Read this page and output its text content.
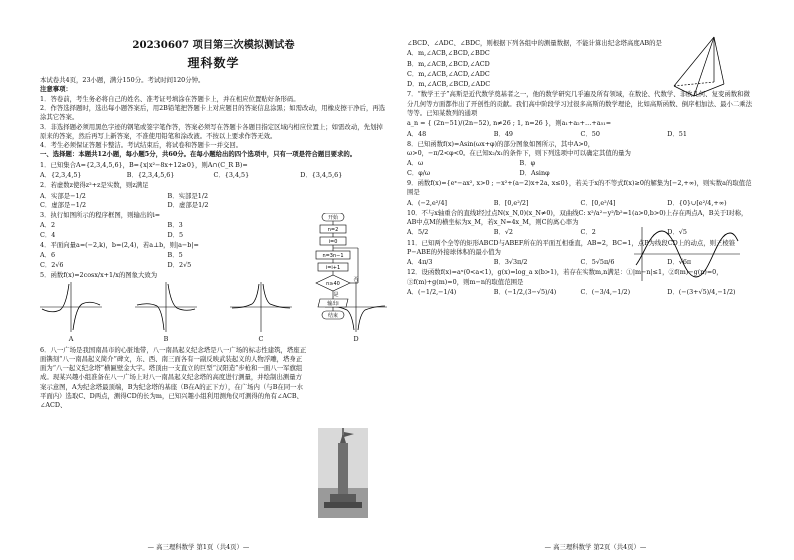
20230607 项目第三次模拟测试卷
理科数学

本试卷共4页，23小题，满分150分。考试时间120分钟。

注意事项：

1．答卷前，考生务必将自己的姓名、准考证号填涂在答题卡上，并在相应位置贴好条形码。

2．作答选择题时，选出每小题答案后，用2B铅笔把答题卡上对应题目的答案信息涂黑；如需改动，用橡皮擦干净后，再选涂其它答案。

3．非选择题必须用黑色字迹的钢笔或签字笔作答，答案必须写在答题卡各题目指定区域内相应位置上；如需改动，先划掉原来的答案，然后再写上新答案，不准使用铅笔和涂改液。不按以上要求作答无效。

4．考生必须保证答题卡整洁。考试结束后，将试卷和答题卡一并交回。

一、选择题：本题共12小题，每小题5分，共60分。在每小题给出的四个选项中，只有一项是符合题目要求的。

1．已知集合A={2,3,4,5,6}，B={x|x²−8x+12≥0}，则A∩(C_R B)=

A．{2,3,4,5}	B．{2,3,4,5,6}	C．{3,4,5}	D．{3,4,5,6}

2．若虚数z使得z²+z是实数，则z满足

A．实部是−1/2	B．实部是1/2
C．虚部是−1/2	D．虚部是1/2

3．执行如图所示的程序框图，则输出的i=

A．2	B．3
C．4	D．5

4．平面向量a=(−2,k)，b=(2,4)，若a⊥b，则|a−b|=

A．6	B．5
C．2√6	D．2√5

5．函数f(x)=2cosx/x+1/x的图象大致为

A	B	C	D

6．八一广场是我国南昌市的心脏地带，八一南昌起义纪念塔是八一广场的标志性建筑，塔座正面镌刻“八一南昌起义简介”碑文，东、西、南三面各有一副反映武装起义的人物浮雕，塔身正面为“八一起义纪念塔”横匾壁金大字。塔顶由一支直立的巨型“汉阳造”步枪和一面八一军旗组成。现某兴趣小组准备在八一广场上对八一南昌起义纪念塔的高度进行测量，并绘制出测量方案示意图，A为纪念塔最顶端，B为纪念塔的基座（B在A的正下方），在广场内（与B在同一水平面内）选取C、D两点，测得CD的长为m，已知兴趣小组利用测角仪可测得的角有∠ACB、∠ACD、

— 高三理科数学 第1页（共4页）—
开始
n=2
i=0
n=3n−1
i=i+1
n≥40
是
否
输出i
结束

∠BCD、∠ADC、∠BDC，则根据下列各组中的测量数据，不能计算出纪念塔高度AB的是

A．m,∠ACB,∠BCD,∠BDC

B．m,∠ACB,∠BCD,∠ACD

C．m,∠ACB,∠ACD,∠ADC

D．m,∠ACB,∠BCD,∠ADC

7．“数学王子”高斯是近代数学奠基者之一，他的数学研究几乎遍及所有领域，在数论、代数学、非欧几何、复变函数和微分几何等方面都作出了开创性的贡献。我们高中阶段学习过很多高斯的数学理论，比如高斯函数、倒序相加法、最小二乘法等等。已知某数列的通项

a_n = { (2n−51)/(2n−52), n≠26 ; 1, n=26 }，则a₁+a₂+…+a₅₁=

A．48	B．49	C．50	D．51

8．已知函数f(x)=Asin(ωx+φ)的部分图象如图所示，其中A>0，ω>0，−π/2<φ<0。在已知x₂/x₁的条件下，则下列选项中可以确定其值的量为

A．ω	B．φ
C．φ/ω	D．Asinφ

9．函数f(x)={eˣ−ax², x>0 ; −x²+(a−2)x+2a, x≤0}，若关于x的不等式f(x)≥0的解集为[−2,+∞)，则实数a的取值范围是

A．(−2,e²/4]	B．[0,e²/2]	C．[0,e²/4]	D．{0}∪[e²/4,+∞)

10．不与x轴重合的直线l经过点N(x_N,0)(x_N≠0)，双曲线C: x²/a²−y²/b²=1(a>0,b>0)上存在两点A，B关于l对称，AB中点M的横坐标为x_M，若x_N=4x_M，则C的离心率为

A．5/2	B．√2	C．2	D．√5

11．已知两个全等的矩形ABCD与ABEF所在的平面互相垂直，AB=2，BC=1，点P为线段CD上的动点，则三棱锥P−ABE的外接球体积的最小值为

A．4π/3	B．3√3π/2	C．5√5π/6	D．√6π

12．设函数f(x)=aˣ(0<a<1)，g(x)=log_a x(b>1)，若存在实数m,n满足：①|m−n|≤1，②f(m)−g(n)=0，③f(m)+g(m)=0，则m−n的取值范围是

A．(−1/2,−1/4)	B．(−1/2,(3−√5)/4)	C．(−3/4,−1/2)	D．(−(3+√5)/4,−1/2)
— 高三理科数学 第2页（共4页）—
